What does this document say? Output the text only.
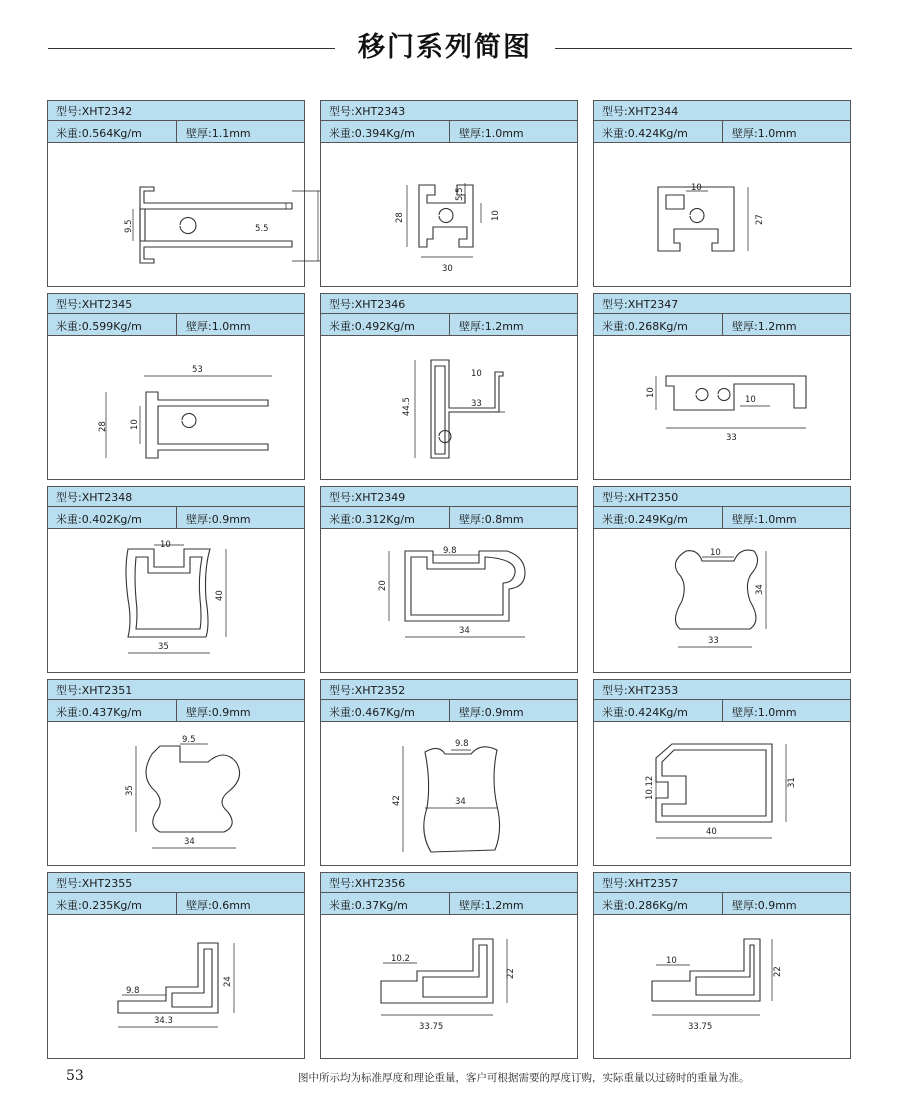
移门系列简图
型号:XHT2342
米重:0.564Kg/m	壁厚:1.1mm
9.5	5.5
型号:XHT2343
米重:0.394Kg/m	壁厚:1.0mm
5.5
28	10
30
型号:XHT2344
米重:0.424Kg/m	壁厚:1.0mm
10
27
型号:XHT2345
米重:0.599Kg/m	壁厚:1.0mm
53
28	10
型号:XHT2346
米重:0.492Kg/m	壁厚:1.2mm
10
44.5	33
型号:XHT2347
米重:0.268Kg/m	壁厚:1.2mm
10
10
33
型号:XHT2348
米重:0.402Kg/m	壁厚:0.9mm
10
40
35
型号:XHT2349
米重:0.312Kg/m	壁厚:0.8mm
9.8
20
34
型号:XHT2350
米重:0.249Kg/m	壁厚:1.0mm
10
34
33
型号:XHT2351
米重:0.437Kg/m	壁厚:0.9mm
9.5
35
34
型号:XHT2352
米重:0.467Kg/m	壁厚:0.9mm
9.8
42	34
型号:XHT2353
米重:0.424Kg/m	壁厚:1.0mm
10.12	31
40
型号:XHT2355
米重:0.235Kg/m	壁厚:0.6mm
24
9.8
34.3
型号:XHT2356
米重:0.37Kg/m	壁厚:1.2mm
10.2
22
33.75
型号:XHT2357
米重:0.286Kg/m	壁厚:0.9mm
10
22
33.75
53	图中所示均为标准厚度和理论重量，客户可根据需要的厚度订购，实际重量以过磅时的重量为准。
